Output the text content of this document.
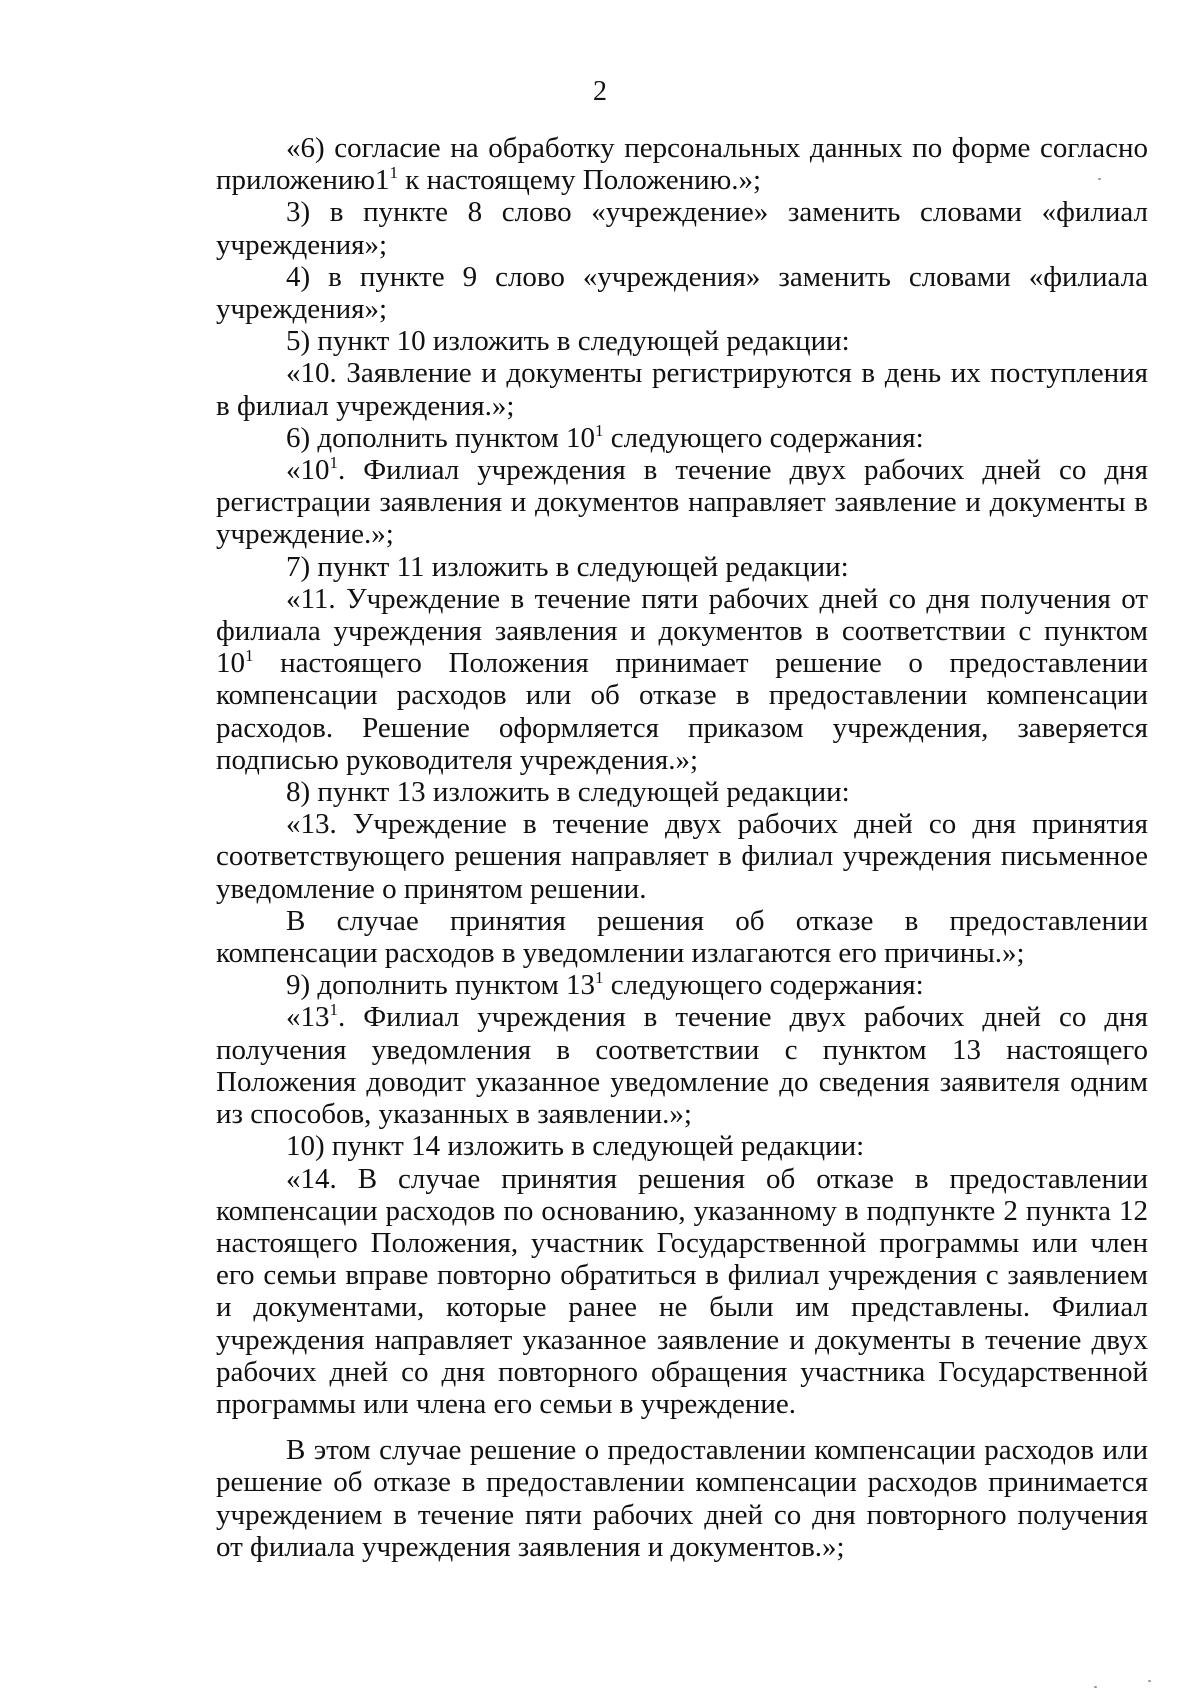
2

«6) согласие на обработку персональных данных по форме согласно $приложению1^1$ к настоящему Положению.»;

3) в пункте 8 слово «учреждение» заменить словами «филиал учреждения»;

4) в пункте 9 слово «учреждения» заменить словами «филиала учреждения»;

5) пункт 10 изложить в следующей редакции:

«10. Заявление и документы регистрируются в день их поступления в филиал учреждения.»;

6) дополнить пунктом $10^1$ следующего содержания:

«$10^1$. Филиал учреждения в течение двух рабочих дней со дня регистрации заявления и документов направляет заявление и документы в учреждение.»;

7) пункт 11 изложить в следующей редакции:

«11. Учреждение в течение пяти рабочих дней со дня получения от филиала учреждения заявления и документов в соответствии с пунктом $10^1$ настоящего Положения принимает решение о предоставлении компенсации расходов или об отказе в предоставлении компенсации расходов. Решение оформляется приказом учреждения, заверяется подписью руководителя учреждения.»;

8) пункт 13 изложить в следующей редакции:

«13. Учреждение в течение двух рабочих дней со дня принятия соответствующего решения направляет в филиал учреждения письменное уведомление о принятом решении.

В случае принятия решения об отказе в предоставлении компенсации расходов в уведомлении излагаются его причины.»;

9) дополнить пунктом $13^1$ следующего содержания:

«$13^1$. Филиал учреждения в течение двух рабочих дней со дня получения уведомления в соответствии с пунктом 13 настоящего Положения доводит указанное уведомление до сведения заявителя одним из способов, указанных в заявлении.»;

10) пункт 14 изложить в следующей редакции:

«14. В случае принятия решения об отказе в предоставлении компенсации расходов по основанию, указанному в подпункте 2 пункта 12 настоящего Положения, участник Государственной программы или член его семьи вправе повторно обратиться в филиал учреждения с заявлением и документами, которые ранее не были им представлены. Филиал учреждения направляет указанное заявление и документы в течение двух рабочих дней со дня повторного обращения участника Государственной программы или члена его семьи в учреждение.

В этом случае решение о предоставлении компенсации расходов или решение об отказе в предоставлении компенсации расходов принимается учреждением в течение пяти рабочих дней со дня повторного получения от филиала учреждения заявления и документов.»;
